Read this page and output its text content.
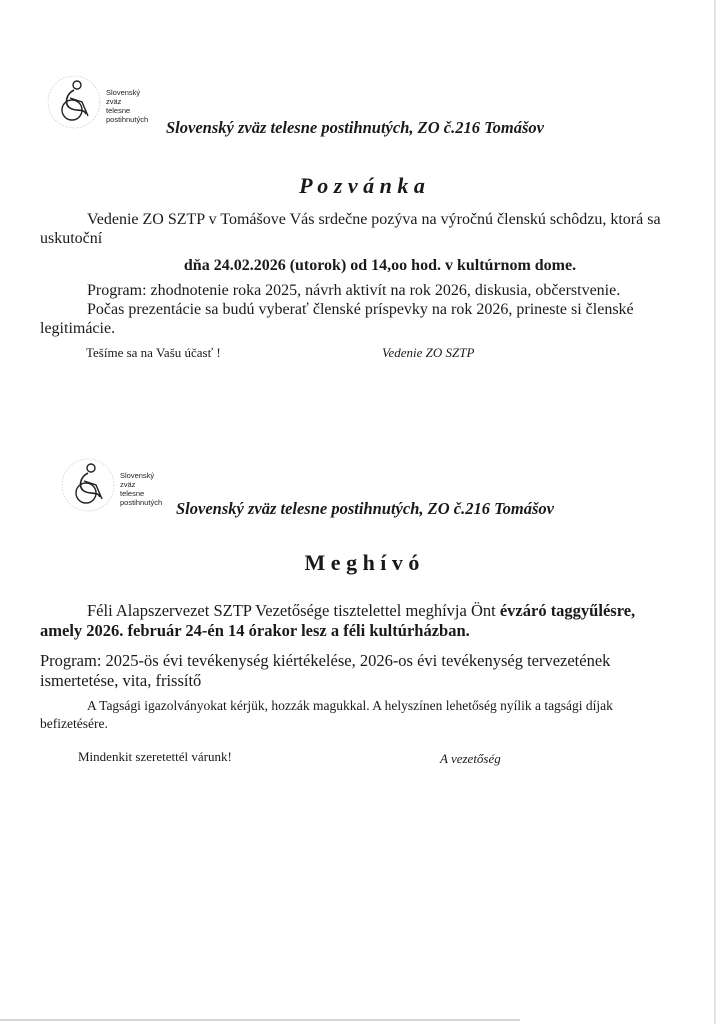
Slovenský
zväz
telesne
postihnutých Slovenský zväz telesne postihnutých, ZO č.216 Tomášov
P o z v á n k a
Vedenie ZO SZTP v Tomášove Vás srdečne pozýva na výročnú členskú schôdzu, ktorá sa uskutoční
dňa 24.02.2026 (utorok) od 14,oo hod. v kultúrnom dome.
Program: zhodnotenie roka 2025, návrh aktivít na rok 2026, diskusia, občerstvenie.
Počas prezentácie sa budú vyberať členské príspevky na rok 2026, prineste si členské legitimácie.
Tešíme sa na Vašu účasť !	Vedenie ZO SZTP
Slovenský
zväz
telesne
postihnutých Slovenský zväz telesne postihnutých, ZO č.216 Tomášov
M e g h í v ó
Féli Alapszervezet SZTP Vezetősége tisztelettel meghívja Önt évzáró taggyűlésre, amely 2026. február 24-én 14 órakor lesz a féli kultúrházban.
Program: 2025-ös évi tevékenység kiértékelése, 2026-os évi tevékenység tervezetének ismertetése, vita, frissítő
A Tagsági igazolványokat kérjük, hozzák magukkal. A helyszínen lehetőség nyílik a tagsági díjak befizetésére.
Mindenkit szeretettél várunk!	A vezetőség
